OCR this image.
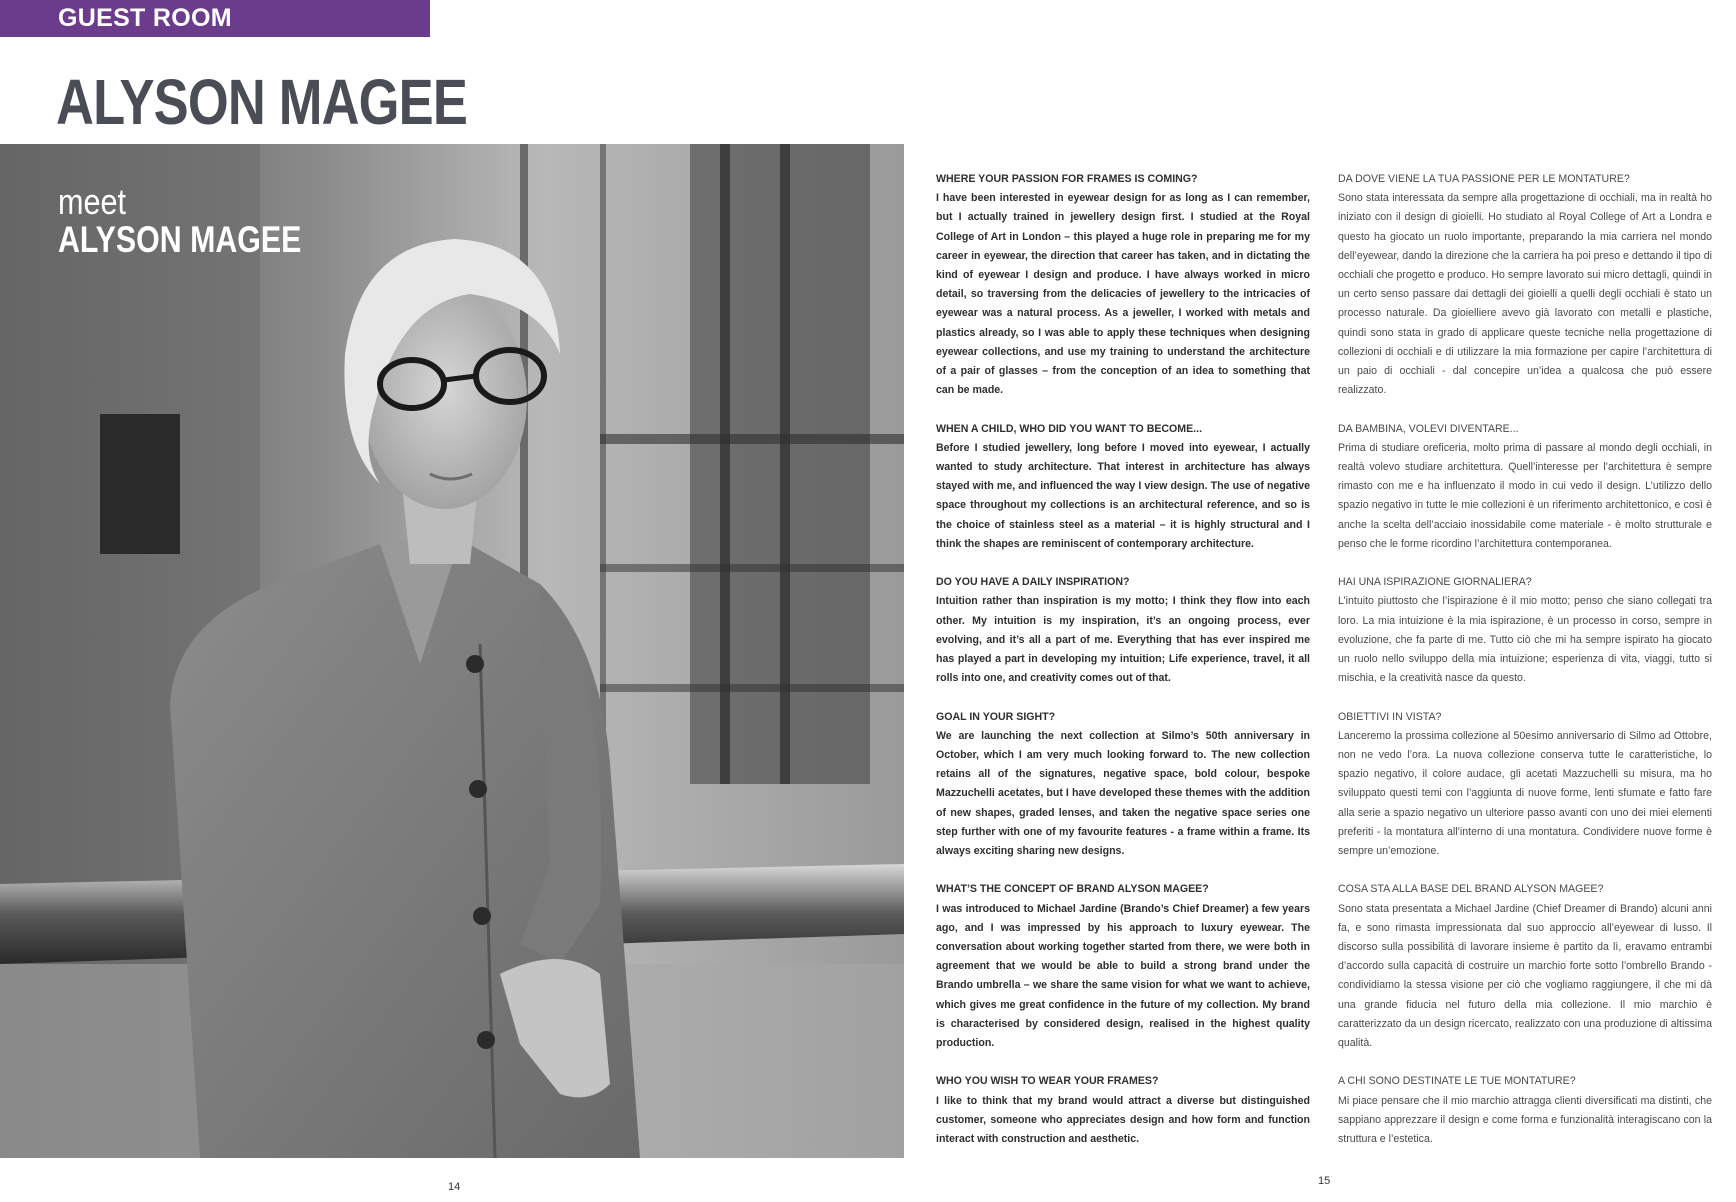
GUEST ROOM
ALYSON MAGEE
meet
ALYSON MAGEE
WHERE YOUR PASSION FOR FRAMES IS COMING?
I have been interested in eyewear design for as long as I can remember, but I actually trained in jewellery design first. I studied at the Royal College of Art in London – this played a huge role in preparing me for my career in eyewear, the direction that career has taken, and in dictating the kind of eyewear I design and produce. I have always worked in micro detail, so traversing from the delicacies of jewellery to the intricacies of eyewear was a natural process. As a jeweller, I worked with metals and plastics already, so I was able to apply these techniques when designing eyewear collections, and use my training to understand the architecture of a pair of glasses – from the conception of an idea to something that can be made.
WHEN A CHILD, WHO DID YOU WANT TO BECOME...
Before I studied jewellery, long before I moved into eyewear, I actually wanted to study architecture. That interest in architecture has always stayed with me, and influenced the way I view design. The use of negative space throughout my collections is an architectural reference, and so is the choice of stainless steel as a material – it is highly structural and I think the shapes are reminiscent of contemporary architecture.
DO YOU HAVE A DAILY INSPIRATION?
Intuition rather than inspiration is my motto; I think they flow into each other. My intuition is my inspiration, it’s an ongoing process, ever evolving, and it’s all a part of me. Everything that has ever inspired me has played a part in developing my intuition; Life experience, travel, it all rolls into one, and creativity comes out of that.
GOAL IN YOUR SIGHT?
We are launching the next collection at Silmo’s 50th anniversary in October, which I am very much looking forward to. The new collection retains all of the signatures, negative space, bold colour, bespoke Mazzuchelli acetates, but I have developed these themes with the addition of new shapes, graded lenses, and taken the negative space series one step further with one of my favourite features - a frame within a frame. Its always exciting sharing new designs.
WHAT’S THE CONCEPT OF BRAND ALYSON MAGEE?
I was introduced to Michael Jardine (Brando’s Chief Dreamer) a few years ago, and I was impressed by his approach to luxury eyewear. The conversation about working together started from there, we were both in agreement that we would be able to build a strong brand under the Brando umbrella – we share the same vision for what we want to achieve, which gives me great confidence in the future of my collection. My brand is characterised by considered design, realised in the highest quality production.
WHO YOU WISH TO WEAR YOUR FRAMES?
I like to think that my brand would attract a diverse but distinguished customer, someone who appreciates design and how form and function interact with construction and aesthetic.
DA DOVE VIENE LA TUA PASSIONE PER LE MONTATURE?
Sono stata interessata da sempre alla progettazione di occhiali, ma in realtà ho iniziato con il design di gioielli. Ho studiato al Royal College of Art a Londra e questo ha giocato un ruolo importante, preparando la mia carriera nel mondo dell’eyewear, dando la direzione che la carriera ha poi preso e dettando il tipo di occhiali che progetto e produco. Ho sempre lavorato sui micro dettagli, quindi in un certo senso passare dai dettagli dei gioielli a quelli degli occhiali è stato un processo naturale. Da gioielliere avevo già lavorato con metalli e plastiche, quindi sono stata in grado di applicare queste tecniche nella progettazione di collezioni di occhiali e di utilizzare la mia formazione per capire l’architettura di un paio di occhiali - dal concepire un’idea a qualcosa che può essere realizzato.
DA BAMBINA, VOLEVI DIVENTARE...
Prima di studiare oreficeria, molto prima di passare al mondo degli occhiali, in realtà volevo studiare architettura. Quell’interesse per l’architettura è sempre rimasto con me e ha influenzato il modo in cui vedo il design. L’utilizzo dello spazio negativo in tutte le mie collezioni è un riferimento architettonico, e così è anche la scelta dell’acciaio inossidabile come materiale - è molto strutturale e penso che le forme ricordino l’architettura contemporanea.
HAI UNA ISPIRAZIONE GIORNALIERA?
L’intuito piuttosto che l’ispirazione è il mio motto; penso che siano collegati tra loro. La mia intuizione è la mia ispirazione, è un processo in corso, sempre in evoluzione, che fa parte di me. Tutto ciò che mi ha sempre ispirato ha giocato un ruolo nello sviluppo della mia intuizione; esperienza di vita, viaggi, tutto si mischia, e la creatività nasce da questo.
OBIETTIVI IN VISTA?
Lanceremo la prossima collezione al 50esimo anniversario di Silmo ad Ottobre, non ne vedo l’ora. La nuova collezione conserva tutte le caratteristiche, lo spazio negativo, il colore audace, gli acetati Mazzuchelli su misura, ma ho sviluppato questi temi con l’aggiunta di nuove forme, lenti sfumate e fatto fare alla serie a spazio negativo un ulteriore passo avanti con uno dei miei elementi preferiti - la montatura all’interno di una montatura. Condividere nuove forme è sempre un’emozione.
COSA STA ALLA BASE DEL BRAND ALYSON MAGEE?
Sono stata presentata a Michael Jardine (Chief Dreamer di Brando) alcuni anni fa, e sono rimasta impressionata dal suo approccio all’eyewear di lusso. Il discorso sulla possibilità di lavorare insieme è partito da lì, eravamo entrambi d’accordo sulla capacità di costruire un marchio forte sotto l’ombrello Brando - condividiamo la stessa visione per ciò che vogliamo raggiungere, il che mi dà una grande fiducia nel futuro della mia collezione. Il mio marchio è caratterizzato da un design ricercato, realizzato con una produzione di altissima qualità.
A CHI SONO DESTINATE LE TUE MONTATURE?
Mi piace pensare che il mio marchio attragga clienti diversificati ma distinti, che sappiano apprezzare il design e come forma e funzionalità interagiscano con la struttura e l’estetica.
14	15
